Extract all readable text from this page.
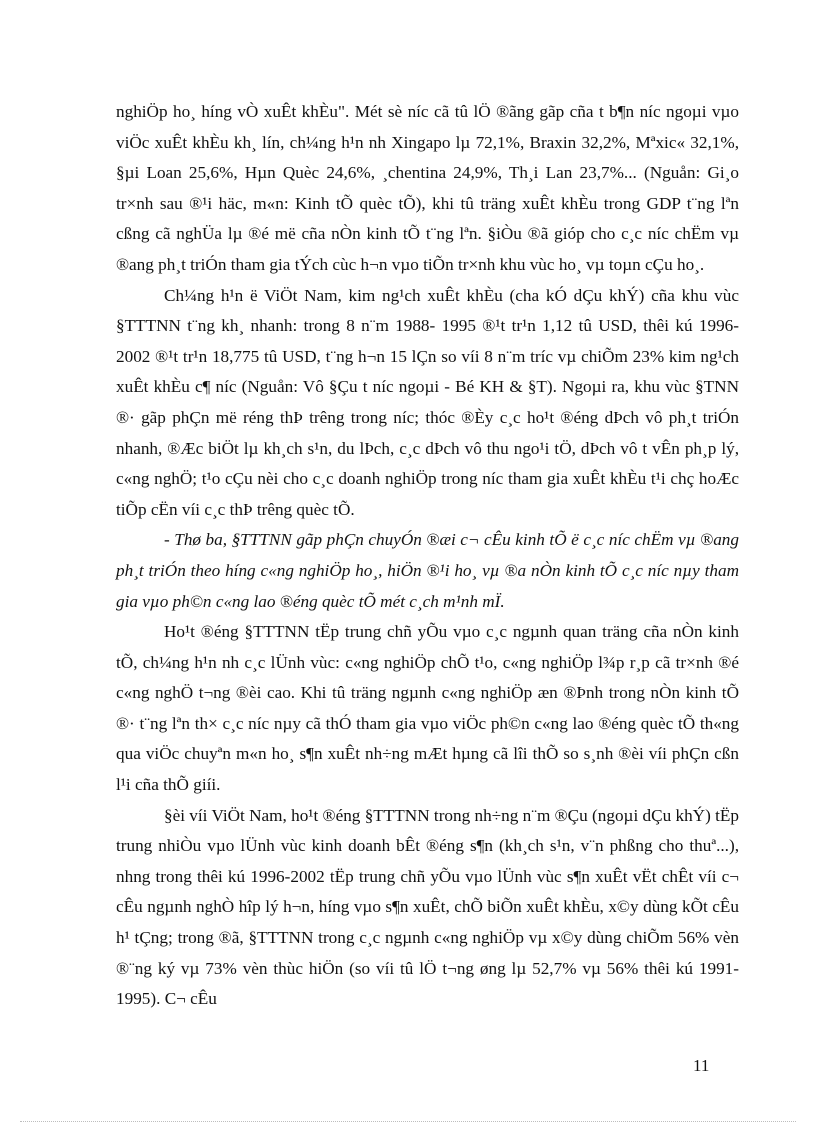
nghiÖp ho¸ híng vÒ xuÊt khÈu". Mét sè níc cã tû lÖ ®ãng gãp cña t b¶n níc ngoµi vµo viÖc xuÊt khÈu kh¸ lín, ch¼ng h¹n nh Xingapo lµ 72,1%, Braxin 32,2%, Mªxic« 32,1%, §µi Loan 25,6%, Hµn Quèc 24,6%, ¸chentina 24,9%, Th¸i Lan 23,7%... (Nguån: Gi¸o tr×nh sau ®¹i häc, m«n: Kinh tÕ quèc tÕ), khi tû träng xuÊt khÈu trong GDP t¨ng lªn cßng cã nghÜa lµ ®é më cña nÒn kinh tÕ t¨ng lªn. §iÒu ®ã gióp cho c¸c níc chËm vµ ®ang ph¸t triÓn tham gia tÝch cùc h¬n vµo tiÕn tr×nh khu vùc ho¸ vµ toµn cÇu ho¸.

Ch¼ng h¹n ë ViÖt Nam, kim ng¹ch xuÊt khÈu (cha kÓ dÇu khÝ) cña khu vùc §TTTNN t¨ng kh¸ nhanh: trong 8 n¨m 1988- 1995 ®¹t tr¹n 1,12 tû USD, thêi kú 1996-2002 ®¹t tr¹n 18,775 tû USD, t¨ng h¬n 15 lÇn so víi 8 n¨m tríc vµ chiÕm 23% kim ng¹ch xuÊt khÈu c¶ níc (Nguån: Vô §Çu t níc ngoµi - Bé KH & §T). Ngoµi ra, khu vùc §TNN ®· gãp phÇn më réng thÞ trêng trong níc; thóc ®Èy c¸c ho¹t ®éng dÞch vô ph¸t triÓn nhanh, ®Æc biÖt lµ kh¸ch s¹n, du lÞch, c¸c dÞch vô thu ngo¹i tÖ, dÞch vô t vÊn ph¸p lý, c«ng nghÖ; t¹o cÇu nèi cho c¸c doanh nghiÖp trong níc tham gia xuÊt khÈu t¹i chç hoÆc tiÕp cËn víi c¸c thÞ trêng quèc tÕ.

- Thø ba, §TTTNN gãp phÇn chuyÓn ®æi c¬ cÊu kinh tÕ ë c¸c níc chËm vµ ®ang ph¸t triÓn theo híng c«ng nghiÖp ho¸, hiÖn ®¹i ho¸ vµ ®a nÒn kinh tÕ c¸c níc nµy tham gia vµo ph©n c«ng lao ®éng quèc tÕ mét c¸ch m¹nh mÏ.

Ho¹t ®éng §TTTNN tËp trung chñ yÕu vµo c¸c ngµnh quan träng cña nÒn kinh tÕ, ch¼ng h¹n nh c¸c lÜnh vùc: c«ng nghiÖp chÕ t¹o, c«ng nghiÖp l¾p r¸p cã tr×nh ®é c«ng nghÖ t¬ng ®èi cao. Khi tû träng ngµnh c«ng nghiÖp æn ®Þnh trong nÒn kinh tÕ ®· t¨ng lªn th× c¸c níc nµy cã thÓ tham gia vµo viÖc ph©n c«ng lao ®éng quèc tÕ th«ng qua viÖc chuyªn m«n ho¸ s¶n xuÊt nh÷ng mÆt hµng cã lîi thÕ so s¸nh ®èi víi phÇn cßn l¹i cña thÕ giíi.

§èi víi ViÖt Nam, ho¹t ®éng §TTTNN trong nh÷ng n¨m ®Çu (ngoµi dÇu khÝ) tËp trung nhiÒu vµo lÜnh vùc kinh doanh bÊt ®éng s¶n (kh¸ch s¹n, v¨n phßng cho thuª...), nhng trong thêi kú 1996-2002 tËp trung chñ yÕu vµo lÜnh vùc s¶n xuÊt vËt chÊt víi c¬ cÊu ngµnh nghÒ hîp lý h¬n, híng vµo s¶n xuÊt, chÕ biÕn xuÊt khÈu, x©y dùng kÕt cÊu h¹ tÇng; trong ®ã, §TTTNN trong c¸c ngµnh c«ng nghiÖp vµ x©y dùng chiÕm 56% vèn ®¨ng ký vµ 73% vèn thùc hiÖn (so víi tû lÖ t¬ng øng lµ 52,7% vµ 56% thêi kú 1991-1995). C¬ cÊu

11
